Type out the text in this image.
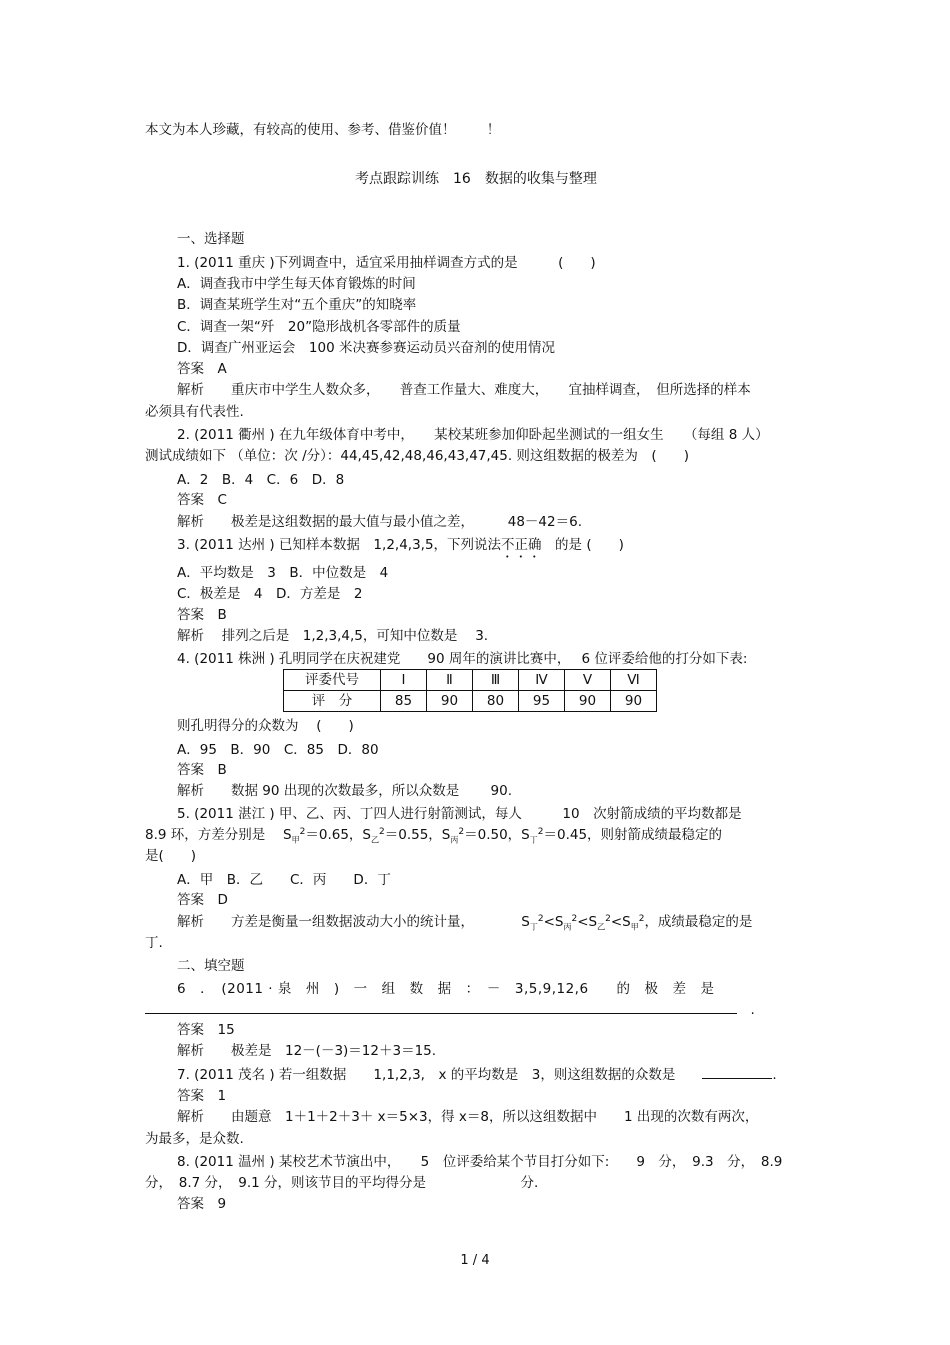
本文为本人珍藏，有较高的使用、参考、借鉴价值！ 　　！
考点跟踪训练　16　数据的收集与整理
一、选择题
1. (2011 重庆 )下列调查中，适宜采用抽样调查方式的是　　　(　　)
A．调查我市中学生每天体育锻炼的时间
B．调查某班学生对“五个重庆”的知晓率
C．调查一架“歼　20”隐形战机各零部件的质量
D．调查广州亚运会　100 米决赛参赛运动员兴奋剂的使用情况
答案　A
解析　　重庆市中学生人数众多，　　普查工作量大、难度大，　　宜抽样调查，　但所选择的样本
必须具有代表性.
2. (2011 衢州 ) 在九年级体育中考中，　　某校某班参加仰卧起坐测试的一组女生　　（每组 8 人）
测试成绩如下 （单位：次 /分）：44,45,42,48,46,43,47,45. 则这组数据的极差为　(　　)
A．2　B．4　C．6　D．8
答案　C
解析　　极差是这组数据的最大值与最小值之差，　　　48－42＝6.
3. (2011 达州 ) 已知样本数据　1,2,4,3,5，下列说法不正确　的是 (　　)
A．平均数是　3　B．中位数是　4
C．极差是　4　D．方差是　2
答案　B
解析　 排列之后是　1,2,3,4,5，可知中位数是　 3.
4. (2011 株洲 ) 孔明同学在庆祝建党　　90 周年的演讲比赛中，　 6 位评委给他的打分如下表:
评委代号	Ⅰ	Ⅱ	Ⅲ	Ⅳ	Ⅴ	Ⅵ
评　分	85	90	80	95	90	90
则孔明得分的众数为　 (　　)
A．95　B．90　C．85　D．80
答案　B
解析　　数据 90 出现的次数最多，所以众数是　　 90.
5. (2011 湛江 ) 甲、乙、丙、丁四人进行射箭测试，每人　　　10　次射箭成绩的平均数都是
8.9 环，方差分别是　 $S_甲^2=0.65$，$S_乙^2=0.55$，$S_丙^2=0.50$，$S_丁^2=0.45$，则射箭成绩最稳定的
是(　　)
A．甲　B．乙　　C．丙　　D．丁
答案　D
解析　　方差是衡量一组数据波动大小的统计量，　　　　$S_丁^2<S_丙^2<S_乙^2<S_甲^2$，成绩最稳定的是
丁.
二、填空题
6　．　(2011 · 泉　州　)　一　组　数　据　：　－　3,5,9,12,6　　的　极　差　是
　.
答案　15
解析　　极差是　12－(－3)＝12＋3＝15.
7. (2011 茂名 ) 若一组数据　　1,1,2,3,　x 的平均数是　3，则这组数据的众数是　　	.
答案　1
解析　　由题意　1＋1＋2＋3＋ x＝5×3，得 x＝8，所以这组数据中　　1 出现的次数有两次，
为最多，是众数.
8. (2011 温州 ) 某校艺术节演出中，　　5　位评委给某个节目打分如下:　　9　分，　9.3　分，　8.9
分，　8.7 分，　9.1 分，则该节目的平均得分是　　　　　　　分.
答案　9
1 / 4
